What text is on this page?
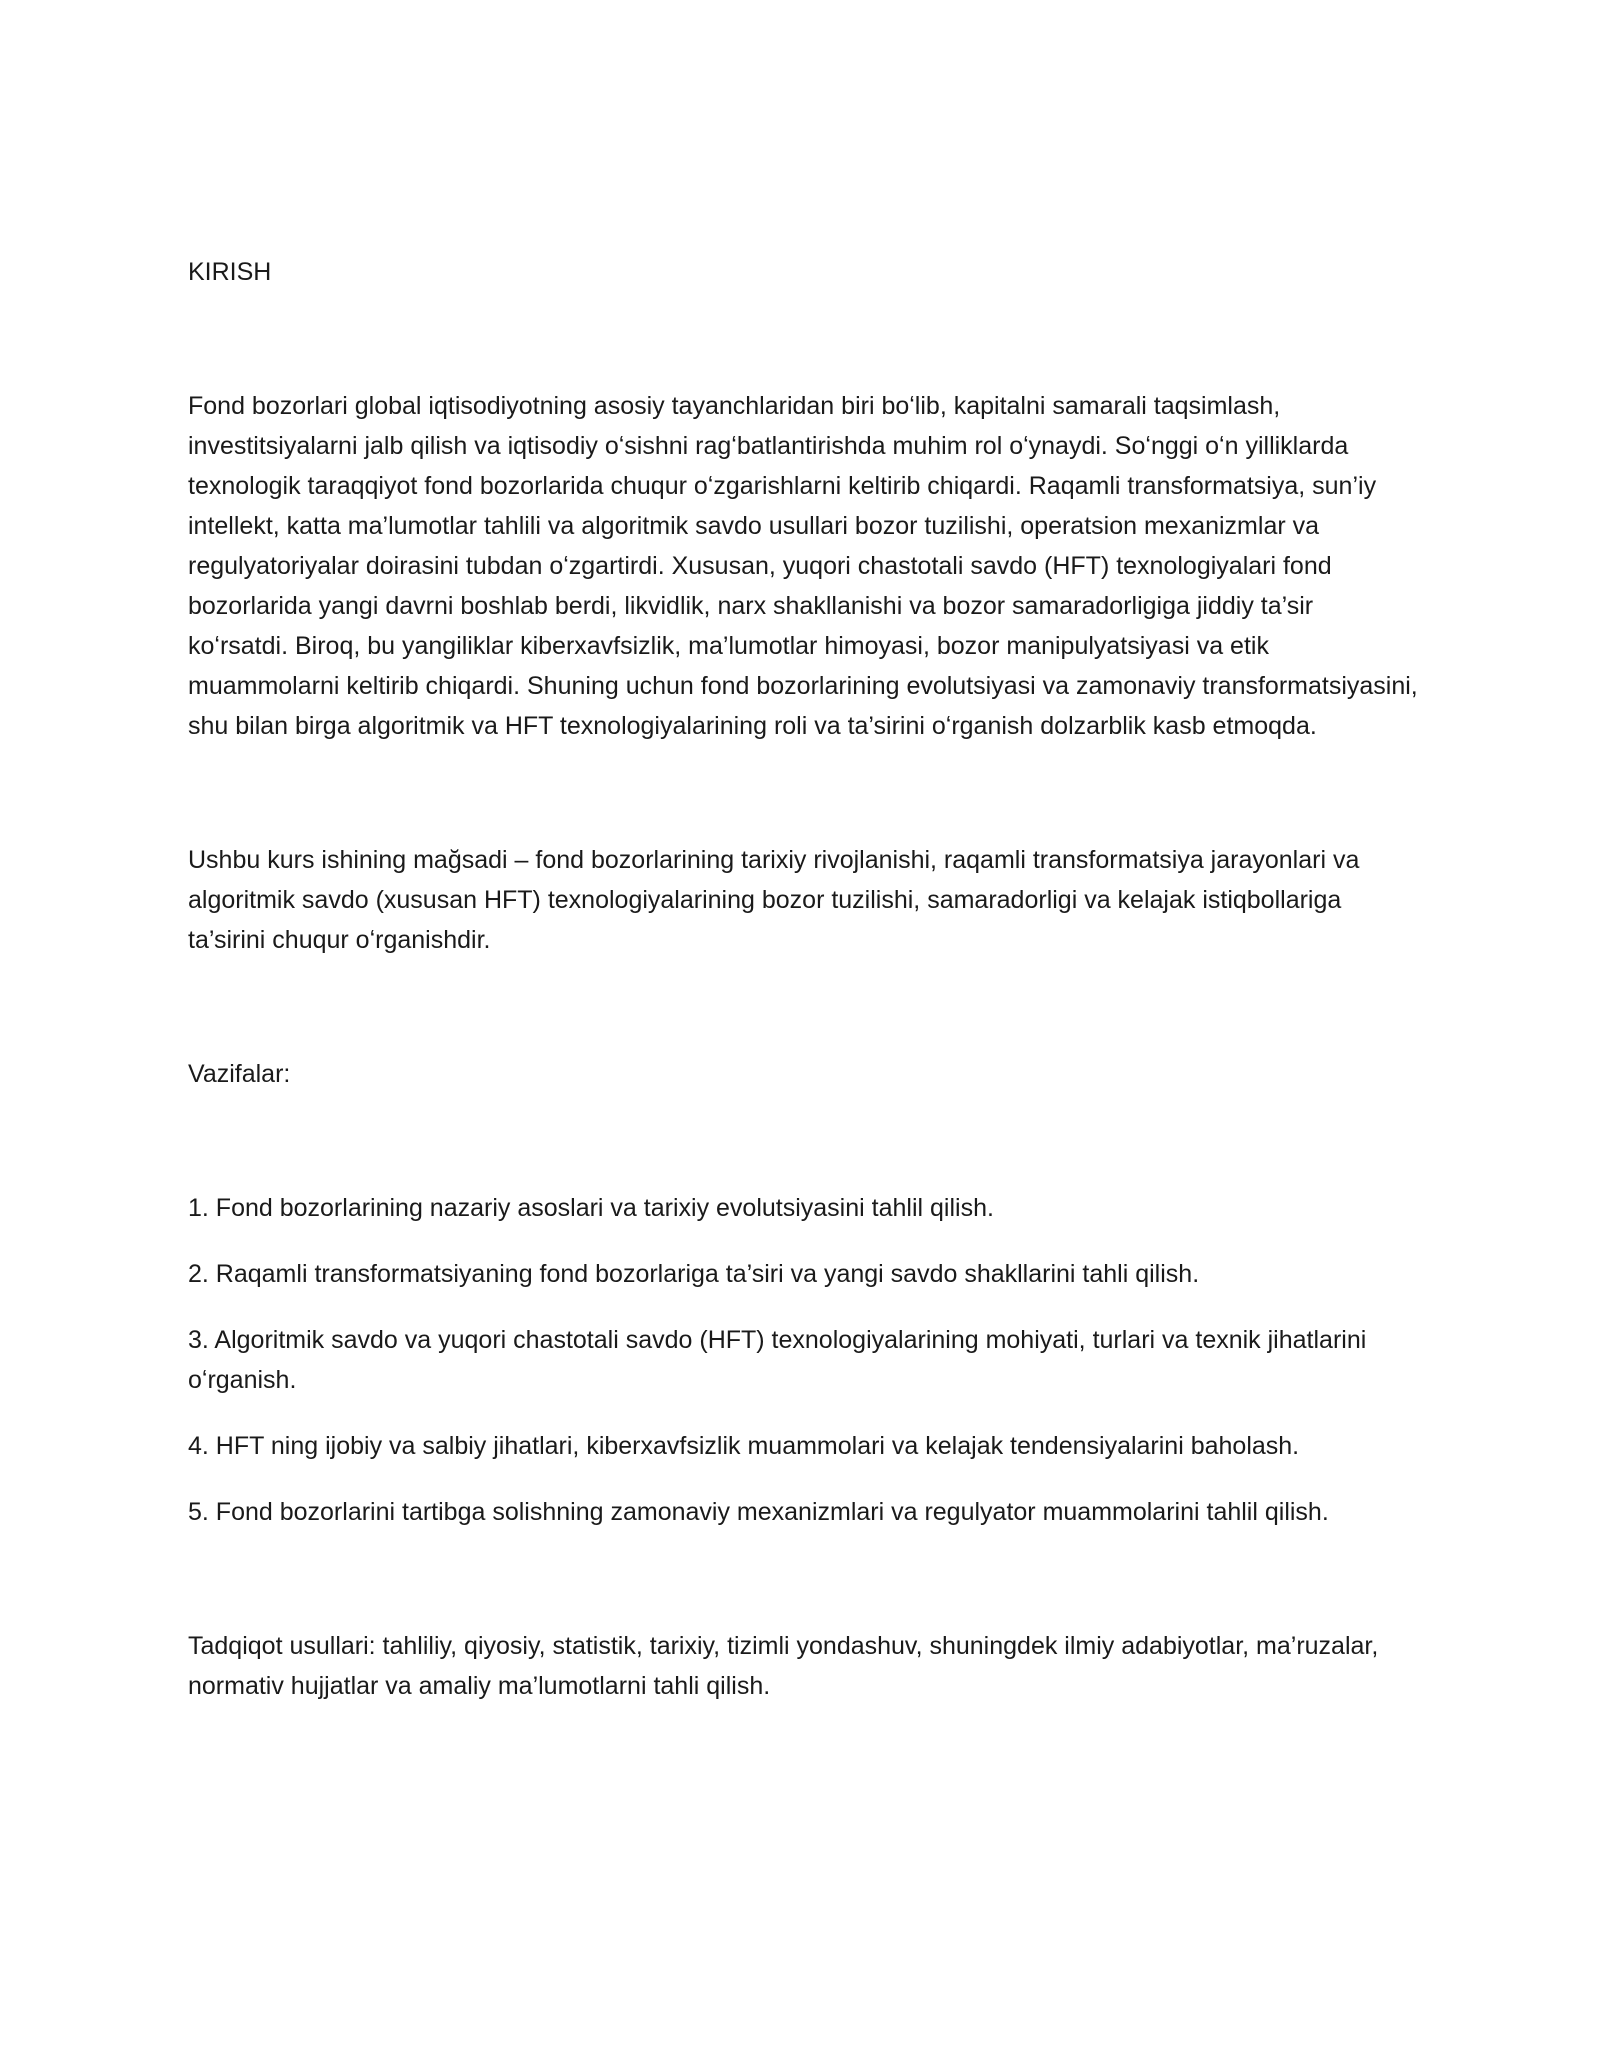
KIRISH

Fond bozorlari global iqtisodiyotning asosiy tayanchlaridan biri boʻlib, kapitalni samarali taqsimlash, investitsiyalarni jalb qilish va iqtisodiy oʻsishni ragʻbatlantirishda muhim rol oʻynaydi. Soʻnggi oʻn yilliklarda texnologik taraqqiyot fond bozorlarida chuqur oʻzgarishlarni keltirib chiqardi. Raqamli transformatsiya, sun’iy intellekt, katta ma’lumotlar tahlili va algoritmik savdo usullari bozor tuzilishi, operatsion mexanizmlar va regulyatoriyalar doirasini tubdan oʻzgartirdi. Xususan, yuqori chastotali savdo (HFT) texnologiyalari fond bozorlarida yangi davrni boshlab berdi, likvidlik, narx shakllanishi va bozor samaradorligiga jiddiy ta’sir koʻrsatdi. Biroq, bu yangiliklar kiberxavfsizlik, ma’lumotlar himoyasi, bozor manipulyatsiyasi va etik muammolarni keltirib chiqardi. Shuning uchun fond bozorlarining evolutsiyasi va zamonaviy transformatsiyasini, shu bilan birga algoritmik va HFT texnologiyalarining roli va ta’sirini oʻrganish dolzarblik kasb etmoqda.

Ushbu kurs ishining mağsadi – fond bozorlarining tarixiy rivojlanishi, raqamli transformatsiya jarayonlari va algoritmik savdo (xususan HFT) texnologiyalarining bozor tuzilishi, samaradorligi va kelajak istiqbollariga ta’sirini chuqur oʻrganishdir.

Vazifalar:

1. Fond bozorlarining nazariy asoslari va tarixiy evolutsiyasini tahlil qilish.

2. Raqamli transformatsiyaning fond bozorlariga ta’siri va yangi savdo shakllarini tahli qilish.

3. Algoritmik savdo va yuqori chastotali savdo (HFT) texnologiyalarining mohiyati, turlari va texnik jihatlarini oʻrganish.

4. HFT ning ijobiy va salbiy jihatlari, kiberxavfsizlik muammolari va kelajak tendensiyalarini baholash.

5. Fond bozorlarini tartibga solishning zamonaviy mexanizmlari va regulyator muammolarini tahlil qilish.

Tadqiqot usullari: tahliliy, qiyosiy, statistik, tarixiy, tizimli yondashuv, shuningdek ilmiy adabiyotlar, ma’ruzalar, normativ hujjatlar va amaliy ma’lumotlarni tahli qilish.
